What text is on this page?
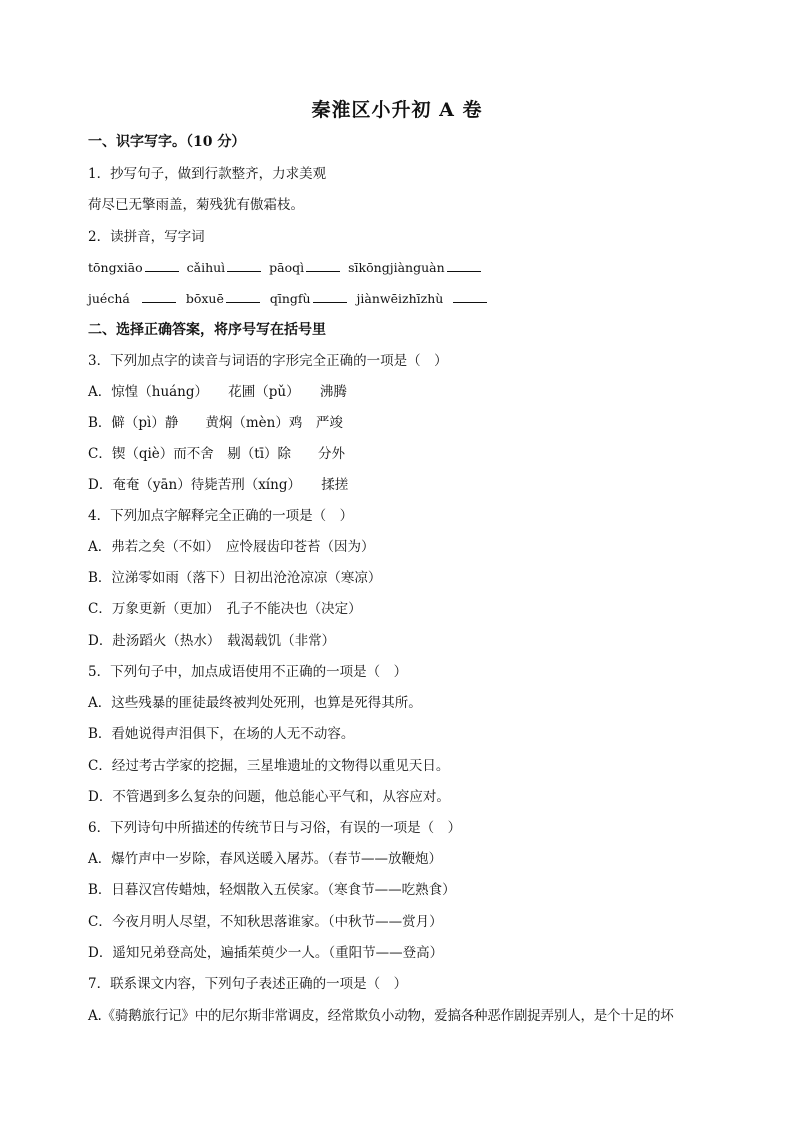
秦淮区小升初 A 卷
一、识字写字。（10 分）
1．抄写句子，做到行款整齐，力求美观
荷尽已无擎雨盖，菊残犹有傲霜枝。
2．读拼音，写字词
tōngxiāo	cǎihuì	pāoqì	sīkōngjiànguàn
juéchá	bōxuē	qīngfù	jiànwēizhīzhù
二、选择正确答案，将序号写在括号里
3．下列加点字的读音与词语的字形完全正确的一项是（　）
A．惊惶（huáng）　　花圃（pǔ）　　沸腾
B．僻（pì）静　　黄焖（mèn）鸡　严竣
C．锲（qiè）而不舍　剔（tī）除　　分外
D．奄奄（yān）待毙苦刑（xíng）　　揉搓
4．下列加点字解释完全正确的一项是（　）
A．弗若之矣（不如）　应怜屐齿印苍苔（因为）
B．泣涕零如雨（落下）日初出沧沧凉凉（寒凉）
C．万象更新（更加）　孔子不能决也（决定）
D．赴汤蹈火（热水）　载渴载饥（非常）
5．下列句子中，加点成语使用不正确的一项是（　）
A．这些残暴的匪徒最终被判处死刑，也算是死得其所。
B．看她说得声泪俱下，在场的人无不动容。
C．经过考古学家的挖掘，三星堆遗址的文物得以重见天日。
D．不管遇到多么复杂的问题，他总能心平气和，从容应对。
6．下列诗句中所描述的传统节日与习俗，有误的一项是（　）
A．爆竹声中一岁除，春风送暖入屠苏。（春节——放鞭炮）
B．日暮汉宫传蜡烛，轻烟散入五侯家。（寒食节——吃熟食）
C．今夜月明人尽望，不知秋思落谁家。（中秋节——赏月）
D．遥知兄弟登高处，遍插茱萸少一人。（重阳节——登高）
7．联系课文内容，下列句子表述正确的一项是（　）
A.《骑鹅旅行记》中的尼尔斯非常调皮，经常欺负小动物，爱搞各种恶作剧捉弄别人，是个十足的坏
